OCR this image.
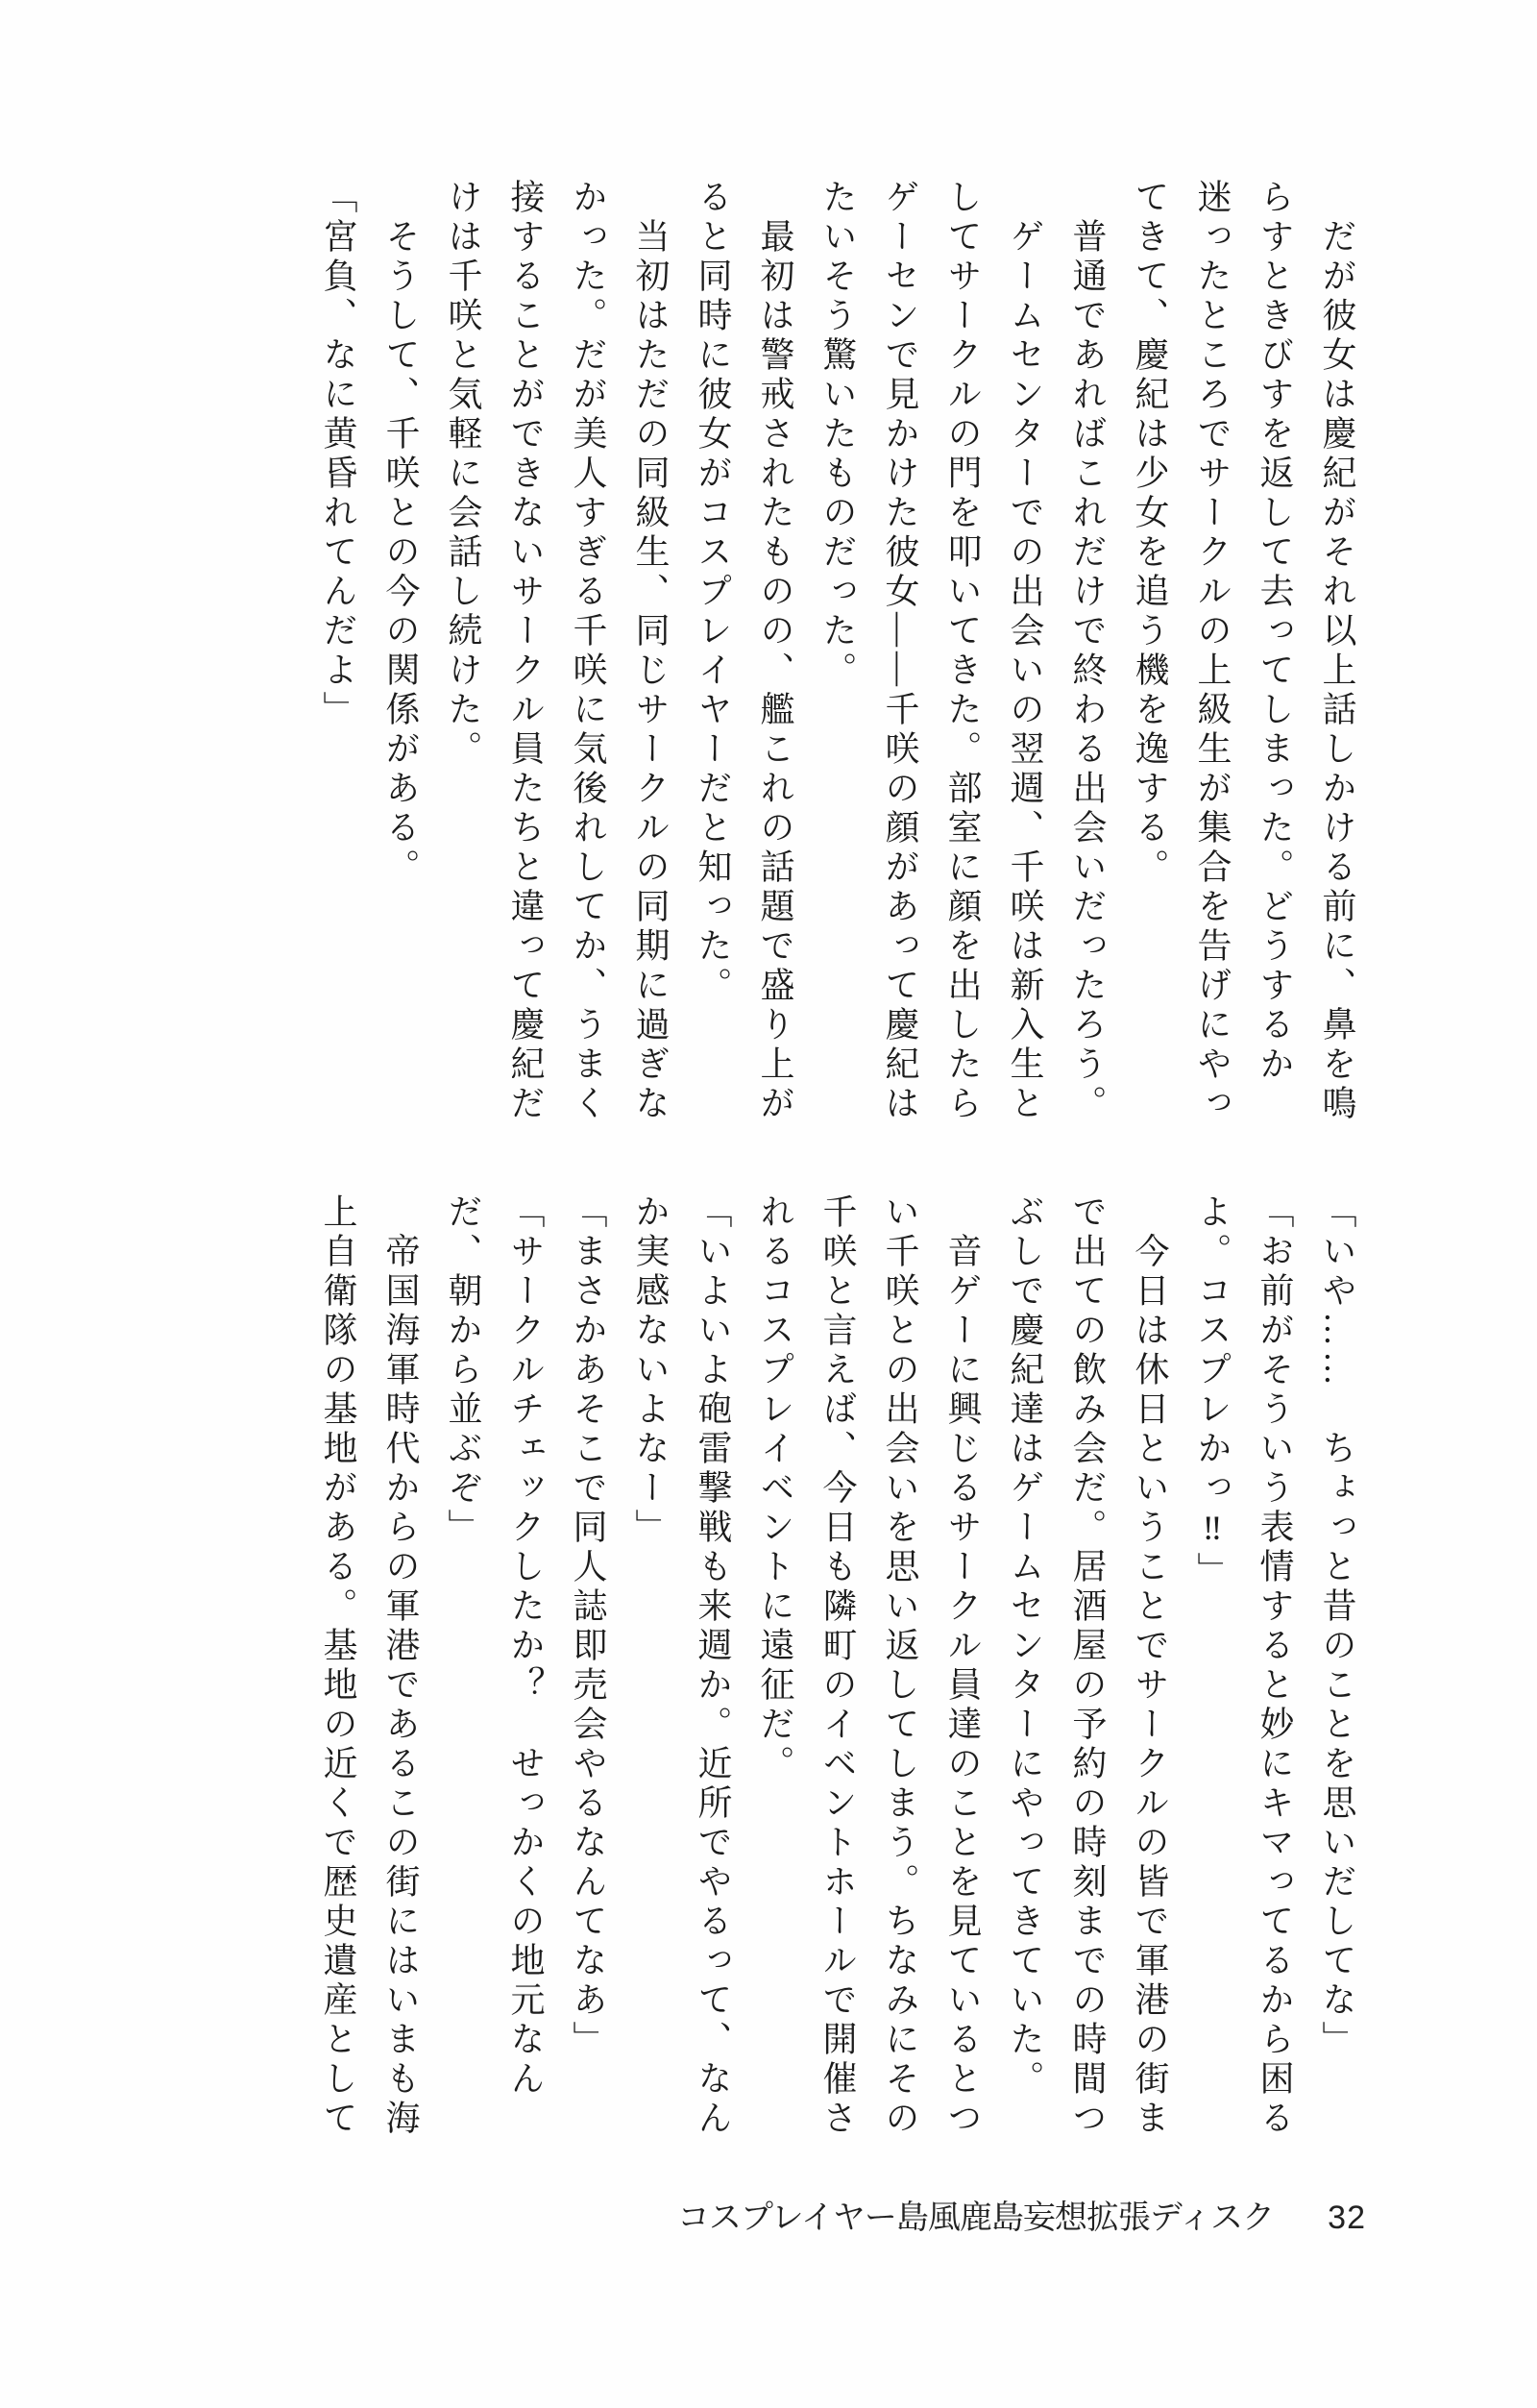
　だが彼女は慶紀がそれ以上話しかける前に、鼻を鳴
らすときびすを返して去ってしまった。どうするか
迷ったところでサークルの上級生が集合を告げにやっ
てきて、慶紀は少女を追う機を逸する。
　普通であればこれだけで終わる出会いだったろう。
　ゲームセンターでの出会いの翌週、千咲は新入生と
してサークルの門を叩いてきた。部室に顔を出したら
ゲーセンで見かけた彼女――千咲の顔があって慶紀は
たいそう驚いたものだった。
　最初は警戒されたものの、艦これの話題で盛り上が
ると同時に彼女がコスプレイヤーだと知った。
　当初はただの同級生、同じサークルの同期に過ぎな
かった。だが美人すぎる千咲に気後れしてか、うまく
接することができないサークル員たちと違って慶紀だ
けは千咲と気軽に会話し続けた。
　そうして、千咲との今の関係がある。
「宮負、なに黄昏れてんだよ」
「いや……　ちょっと昔のことを思いだしてな」
「お前がそういう表情すると妙にキマってるから困る
よ。コスプレかっ‼」
　今日は休日ということでサークルの皆で軍港の街ま
で出ての飲み会だ。居酒屋の予約の時刻までの時間つ
ぶしで慶紀達はゲームセンターにやってきていた。
　音ゲーに興じるサークル員達のことを見ているとつ
い千咲との出会いを思い返してしまう。ちなみにその
千咲と言えば、今日も隣町のイベントホールで開催さ
れるコスプレイベントに遠征だ。
「いよいよ砲雷撃戦も来週か。近所でやるって、なん
か実感ないよなー」
「まさかあそこで同人誌即売会やるなんてなあ」
「サークルチェックしたか？　せっかくの地元なん
だ、朝から並ぶぞ」
　帝国海軍時代からの軍港であるこの街にはいまも海
上自衛隊の基地がある。基地の近くで歴史遺産として
コスプレイヤー島風鹿島妄想拡張ディスク 32
